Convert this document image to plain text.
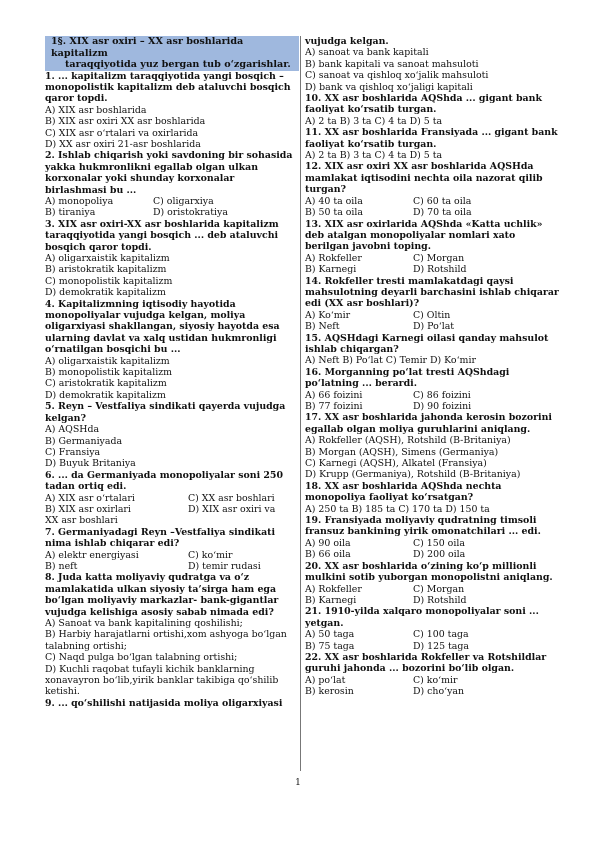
1§. XIX asr oxiri – XX asr boshlarida kapitalizm
taraqqiyotida yuz bergan tub o‘zgarishlar.
1. ... kapitalizm taraqqiyotida yangi bosqich – monopolistik kapitalizm deb ataluvchi bosqich qaror topdi.
A) XIX asr boshlarida
B) XIX asr oxiri XX asr boshlarida
C) XIX asr o‘rtalari va oxirlarida
D) XX asr oxiri 21-asr boshlarida
2. Ishlab chiqarish yoki savdoning bir sohasida yakka hukmronlikni egallab olgan ulkan korxonalar yoki shunday korxonalar birlashmasi bu ...
A) monopoliya	C) oligarxiya
B) tiraniya	D) oristokratiya
3. XIX asr oxiri-XX asr boshlarida kapitalizm taraqqiyotida yangi bosqich ... deb ataluvchi bosqich qaror topdi.
A) oligarxaistik kapitalizm
B) aristokratik kapitalizm
C) monopolistik kapitalizm
D) demokratik kapitalizm
4. Kapitalizmning iqtisodiy hayotida monopoliyalar vujudga kelgan, moliya oligarxiyasi shakllangan, siyosiy hayotda esa ularning davlat va xalq ustidan hukmronligi o‘rnatilgan bosqichi bu ...
A) oligarxaistik kapitalizm
B) monopolistik kapitalizm
C) aristokratik kapitalizm
D) demokratik kapitalizm
5. Reyn – Vestfaliya sindikati qayerda vujudga kelgan?
A) AQSHda
B) Germaniyada
C) Fransiya
D) Buyuk Britaniya
6. ... da Germaniyada monopoliyalar soni 250 tadan ortiq edi.
A) XIX asr o‘rtalari	C) XX asr boshlari
B) XIX asr oxirlari	D) XIX asr oxiri va
XX asr boshlari
7. Germaniyadagi Reyn –Vestfaliya sindikati nima ishlab chiqarar edi?
A) elektr energiyasi	C) ko‘mir
B) neft	D) temir rudasi
8. Juda katta moliyaviy qudratga va o‘z mamlakatida ulkan siyosiy ta’sirga ham ega bo‘lgan moliyaviy markazlar- bank-gigantlar vujudga kelishiga asosiy sabab nimada edi?
A) Sanoat va bank kapitalining qoshilishi;
B) Harbiy harajatlarni ortishi,xom ashyoga bo‘lgan talabning ortishi;
C) Naqd pulga bo‘lgan talabning ortishi;
D) Kuchli raqobat tufayli kichik banklarning xonavayron bo‘lib,yirik banklar takibiga qo‘shilib ketishi.
9. ... qo‘shilishi natijasida moliya oligarxiyasi
vujudga kelgan.
A) sanoat va bank kapitali
B) bank kapitali va sanoat mahsuloti
C) sanoat va qishloq xo‘jalik mahsuloti
D) bank va qishloq xo‘jaligi kapitali
10. XX asr boshlarida AQShda ... gigant bank faoliyat ko‘rsatib turgan.
A) 2 ta B) 3 ta C) 4 ta D) 5 ta
11. XX asr boshlarida Fransiyada ... gigant bank faoliyat ko‘rsatib turgan.
A) 2 ta B) 3 ta C) 4 ta D) 5 ta
12. XIX asr oxiri XX asr boshlarida AQSHda mamlakat iqtisodini nechta oila nazorat qilib turgan?
A) 40 ta oila	C) 60 ta oila
B) 50 ta oila	D) 70 ta oila
13. XIX asr oxirlarida AQShda «Katta uchlik» deb atalgan monopoliyalar nomlari xato berilgan javobni toping.
A) Rokfeller	C) Morgan
B) Karnegi	D) Rotshild
14. Rokfeller tresti mamlakatdagi qaysi mahsulotning deyarli barchasini ishlab chiqarar edi (XX asr boshlari)?
A) Ko‘mir	C) Oltin
B) Neft	D) Po‘lat
15. AQSHdagi Karnegi oilasi qanday mahsulot ishlab chiqargan?
A) Neft B) Po‘lat C) Temir D) Ko‘mir
16. Morganning po‘lat tresti AQShdagi po‘latning ... berardi.
A) 66 foizini	C) 86 foizini
B) 77 foizini	D) 90 foizini
17. XX asr boshlarida jahonda kerosin bozorini egallab olgan moliya guruhlarini aniqlang.
A) Rokfeller (AQSH), Rotshild (B-Britaniya)
B) Morgan (AQSH), Simens (Germaniya)
C) Karnegi (AQSH), Alkatel (Fransiya)
D) Krupp (Germaniya), Rotshild (B-Britaniya)
18. XX asr boshlarida AQShda nechta monopoliya faoliyat ko‘rsatgan?
A) 250 ta B) 185 ta C) 170 ta D) 150 ta
19. Fransiyada moliyaviy qudratning timsoli fransuz bankining yirik omonatchilari ... edi.
A) 90 oila	C) 150 oila
B) 66 oila	D) 200 oila
20. XX asr boshlarida o‘zining ko‘p millionli mulkini sotib yuborgan monopolistni aniqlang.
A) Rokfeller	C) Morgan
B) Karnegi	D) Rotshild
21. 1910-yilda xalqaro monopoliyalar soni ... yetgan.
A) 50 taga	C) 100 taga
B) 75 taga	D) 125 taga
22. XX asr boshlarida Rokfeller va Rotshildlar guruhi jahonda ... bozorini bo‘lib olgan.
A) po‘lat	C) ko‘mir
B) kerosin	D) cho‘yan
1
